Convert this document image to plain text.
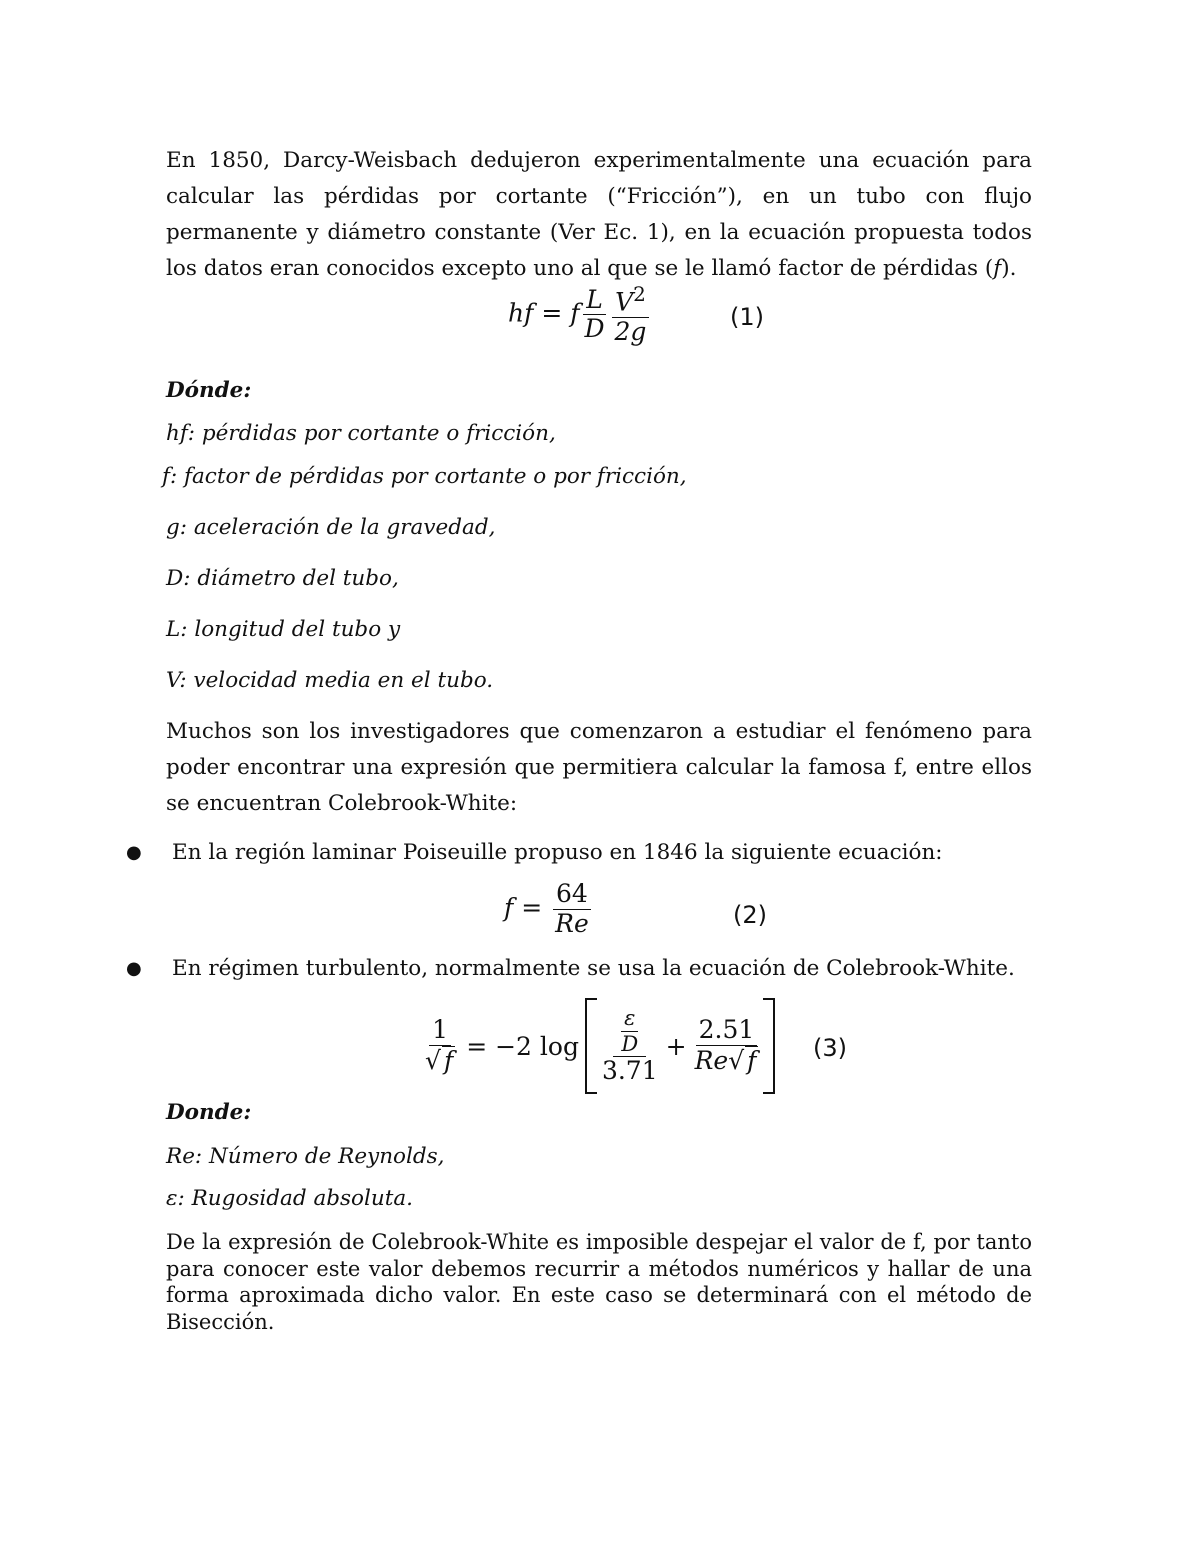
En 1850, Darcy-Weisbach dedujeron experimentalmente una ecuación para calcular las pérdidas por cortante (“Fricción”), en un tubo con flujo permanente y diámetro constante (Ver Ec. 1), en la ecuación propuesta todos los datos eran conocidos excepto uno al que se le llamó factor de pérdidas (f).
hf = f $\frac{L}{D} \frac{V^2}{2g}$	(1)
Dónde:
hf: pérdidas por cortante o fricción,
f: factor de pérdidas por cortante o por fricción,
g: aceleración de la gravedad,
D: diámetro del tubo,
L: longitud del tubo y
V: velocidad media en el tubo.
Muchos son los investigadores que comenzaron a estudiar el fenómeno para poder encontrar una expresión que permitiera calcular la famosa f, entre ellos se encuentran Colebrook-White:
● En la región laminar Poiseuille propuso en 1846 la siguiente ecuación:
$f = \frac{64}{Re}$	(2)
● En régimen turbulento, normalmente se usa la ecuación de Colebrook-White.
$\frac{1}{√ f} = -2$ $\log \frac{\frac{\varepsilon}{D}}{3.71} + \frac{2.51}{Re√ f} (3)$
Donde:
Re: Número de Reynolds,
ε: Rugosidad absoluta.
De la expresión de Colebrook-White es imposible despejar el valor de f, por tanto para conocer este valor debemos recurrir a métodos numéricos y hallar de una forma aproximada dicho valor. En este caso se determinará con el método de Bisección.
